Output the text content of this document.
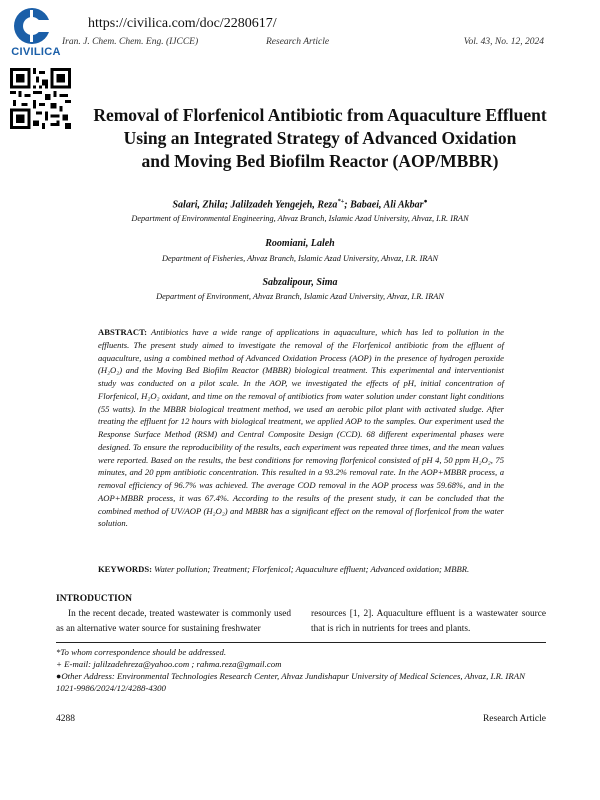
CIVILICA
https://civilica.com/doc/2280617/
Iran. J. Chem. Chem. Eng. (IJCCE)	Research Article	Vol. 43, No. 12, 2024
Removal of Florfenicol Antibiotic from Aquaculture Effluent
Using an Integrated Strategy of Advanced Oxidation
and Moving Bed Biofilm Reactor (AOP/MBBR)
Salari, Zhila; Jalilzadeh Yengejeh, Reza*+; Babaei, Ali Akbar●
Department of Environmental Engineering, Ahvaz Branch, Islamic Azad University, Ahvaz, I.R. IRAN
Roomiani, Laleh
Department of Fisheries, Ahvaz Branch, Islamic Azad University, Ahvaz, I.R. IRAN
Sabzalipour, Sima
Department of Environment, Ahvaz Branch, Islamic Azad University, Ahvaz, I.R. IRAN
ABSTRACT: Antibiotics have a wide range of applications in aquaculture, which has led to pollution in the effluents. The present study aimed to investigate the removal of the Florfenicol antibiotic from the effluent of aquaculture, using a combined method of Advanced Oxidation Process (AOP) in the presence of hydrogen peroxide (H₂O₂) and the Moving Bed Biofilm Reactor (MBBR) biological treatment. This experimental and interventionist study was conducted on a pilot scale. In the AOP, we investigated the effects of pH, initial concentration of Florfenicol, H₂O₂ oxidant, and time on the removal of antibiotics from water solution under constant light conditions (55 watts). In the MBBR biological treatment method, we used an aerobic pilot plant with activated sludge. After treating the effluent for 12 hours with biological treatment, we applied AOP to the samples. Our experiment used the Response Surface Method (RSM) and Central Composite Design (CCD). 68 different experimental phases were designed. To ensure the reproducibility of the results, each experiment was repeated three times, and the mean values were reported. Based on the results, the best conditions for removing florfenicol consisted of pH 4, 50 ppm H₂O₂, 75 minutes, and 20 ppm antibiotic concentration. This resulted in a 93.2% removal rate. In the AOP+MBBR process, a removal efficiency of 96.7% was achieved. The average COD removal in the AOP process was 59.68%, and in the AOP+MBBR process, it was 67.4%. According to the results of the present study, it can be concluded that the combined method of UV/AOP (H₂O₂) and MBBR has a significant effect on the removal of florfenicol from the water solution.
KEYWORDS: Water pollution; Treatment; Florfenicol; Aquaculture effluent; Advanced oxidation; MBBR.
INTRODUCTION
In the recent decade, treated wastewater is commonly used as an alternative water source for sustaining freshwater
resources [1, 2]. Aquaculture effluent is a wastewater source that is rich in nutrients for trees and plants.
*To whom correspondence should be addressed.
+ E-mail: jalilzadehreza@yahoo.com ; rahma.reza@gmail.com
●Other Address: Environmental Technologies Research Center, Ahvaz Jundishapur University of Medical Sciences, Ahvaz, I.R. IRAN
1021-9986/2024/12/4288-4300
4288	Research Article
